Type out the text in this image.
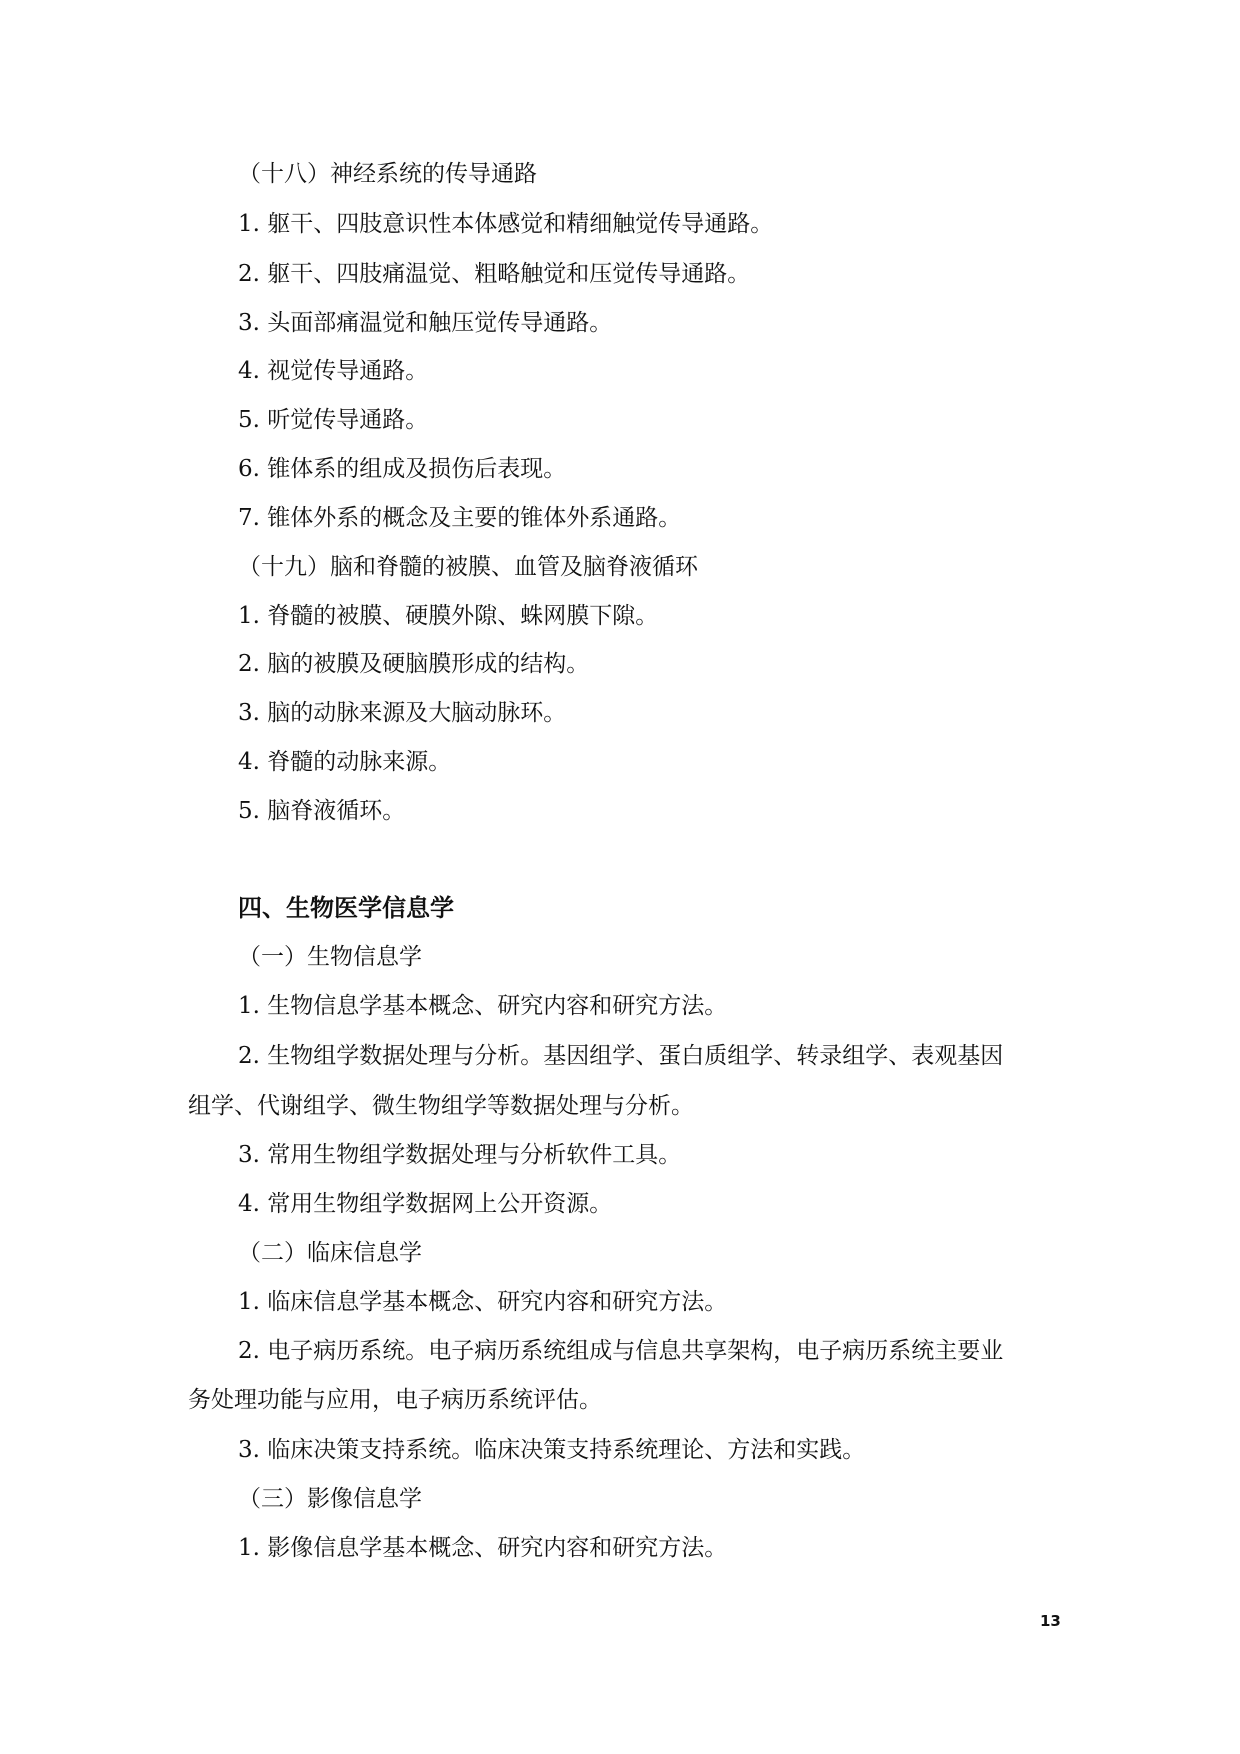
（十八）神经系统的传导通路
1. 躯干、四肢意识性本体感觉和精细触觉传导通路。
2. 躯干、四肢痛温觉、粗略触觉和压觉传导通路。
3. 头面部痛温觉和触压觉传导通路。
4. 视觉传导通路。
5. 听觉传导通路。
6. 锥体系的组成及损伤后表现。
7. 锥体外系的概念及主要的锥体外系通路。
（十九）脑和脊髓的被膜、血管及脑脊液循环
1. 脊髓的被膜、硬膜外隙、蛛网膜下隙。
2. 脑的被膜及硬脑膜形成的结构。
3. 脑的动脉来源及大脑动脉环。
4. 脊髓的动脉来源。
5. 脑脊液循环。
四、生物医学信息学
（一）生物信息学
1. 生物信息学基本概念、研究内容和研究方法。
2. 生物组学数据处理与分析。基因组学、蛋白质组学、转录组学、表观基因
组学、代谢组学、微生物组学等数据处理与分析。
3. 常用生物组学数据处理与分析软件工具。
4. 常用生物组学数据网上公开资源。
（二）临床信息学
1. 临床信息学基本概念、研究内容和研究方法。
2. 电子病历系统。电子病历系统组成与信息共享架构，电子病历系统主要业
务处理功能与应用，电子病历系统评估。
3. 临床决策支持系统。临床决策支持系统理论、方法和实践。
（三）影像信息学
1. 影像信息学基本概念、研究内容和研究方法。
13
